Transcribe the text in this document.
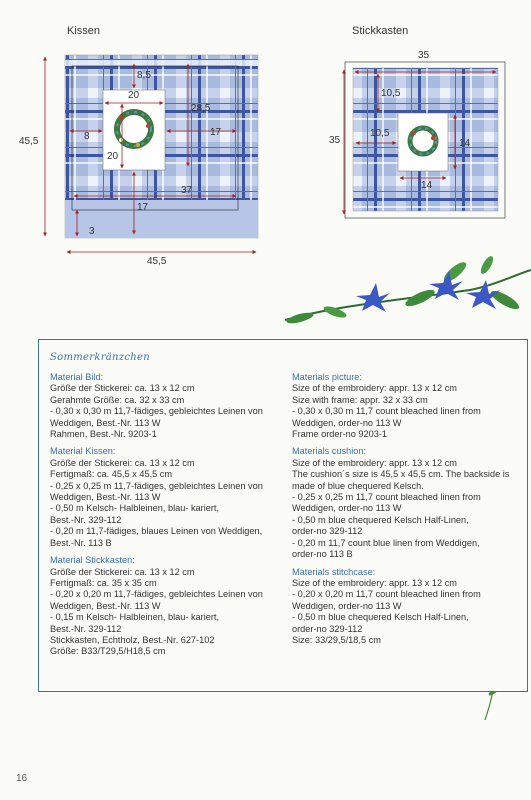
Kissen	Stickkasten
8,5
20
28,5
8	17
20
37
17
3
45,5
45,5
35
10,5
10,5
35	14
14
Sommerkränzchen

Material Bild:

Größe der Stickerei: ca. 13 x 12 cm

Gerahmte Größe: ca. 32 x 33 cm

- 0,30 x 0,30 m 11,7-fädiges, gebleichtes Leinen von

Weddigen, Best.-Nr. 113 W

Rahmen, Best.-Nr. 9203-1

Material Kissen:

Größe der Stickerei: ca. 13 x 12 cm

Fertigmaß: ca. 45,5 x 45,5 cm

- 0,25 x 0,25 m 11,7-fädiges, gebleichtes Leinen von

Weddigen, Best.-Nr. 113 W

- 0,50 m Kelsch- Halbleinen, blau- kariert,

Best.-Nr. 329-112

- 0,20 m 11,7-fädiges, blaues Leinen von Weddigen,

Best.-Nr. 113 B

Material Stickkasten:

Größe der Stickerei: ca. 13 x 12 cm

Fertigmaß: ca. 35 x 35 cm

- 0,20 x 0,20 m 11,7-fädiges, gebleichtes Leinen von

Weddigen, Best.-Nr. 113 W

- 0,15 m Kelsch- Halbleinen, blau- kariert,

Best.-Nr. 329-112

Stickkasten, Echtholz, Best.-Nr. 627-102

Größe: B33/T29,5/H18,5 cm

Materials picture:

Size of the embroidery: appr. 13 x 12 cm

Size with frame: appr. 32 x 33 cm

- 0,30 x 0,30 m 11,7 count bleached linen from

Weddigen, order-no 113 W

Frame order-no 9203-1

Materials cushion:

Size of the embroidery: appr. 13 x 12 cm

The cushion´s size is 45,5 x 45,5 cm. The backside is

made of blue chequered Kelsch.

- 0,25 x 0,25 m 11,7 count bleached linen from

Weddigen, order-no 113 W

- 0,50 m blue chequered Kelsch Half-Linen,

order-no 329-112

- 0,20 m 11,7 count blue linen from Weddigen,

order-no 113 B

Materials stitchcase:

Size of the embroidery: appr. 13 x 12 cm

- 0,20 x 0,20 m 11,7 count bleached linen from

Weddigen, order-no 113 W

- 0,50 m blue chequered Kelsch Half-Linen,

order-no 329-112

Size: 33/29,5/18,5 cm

16
